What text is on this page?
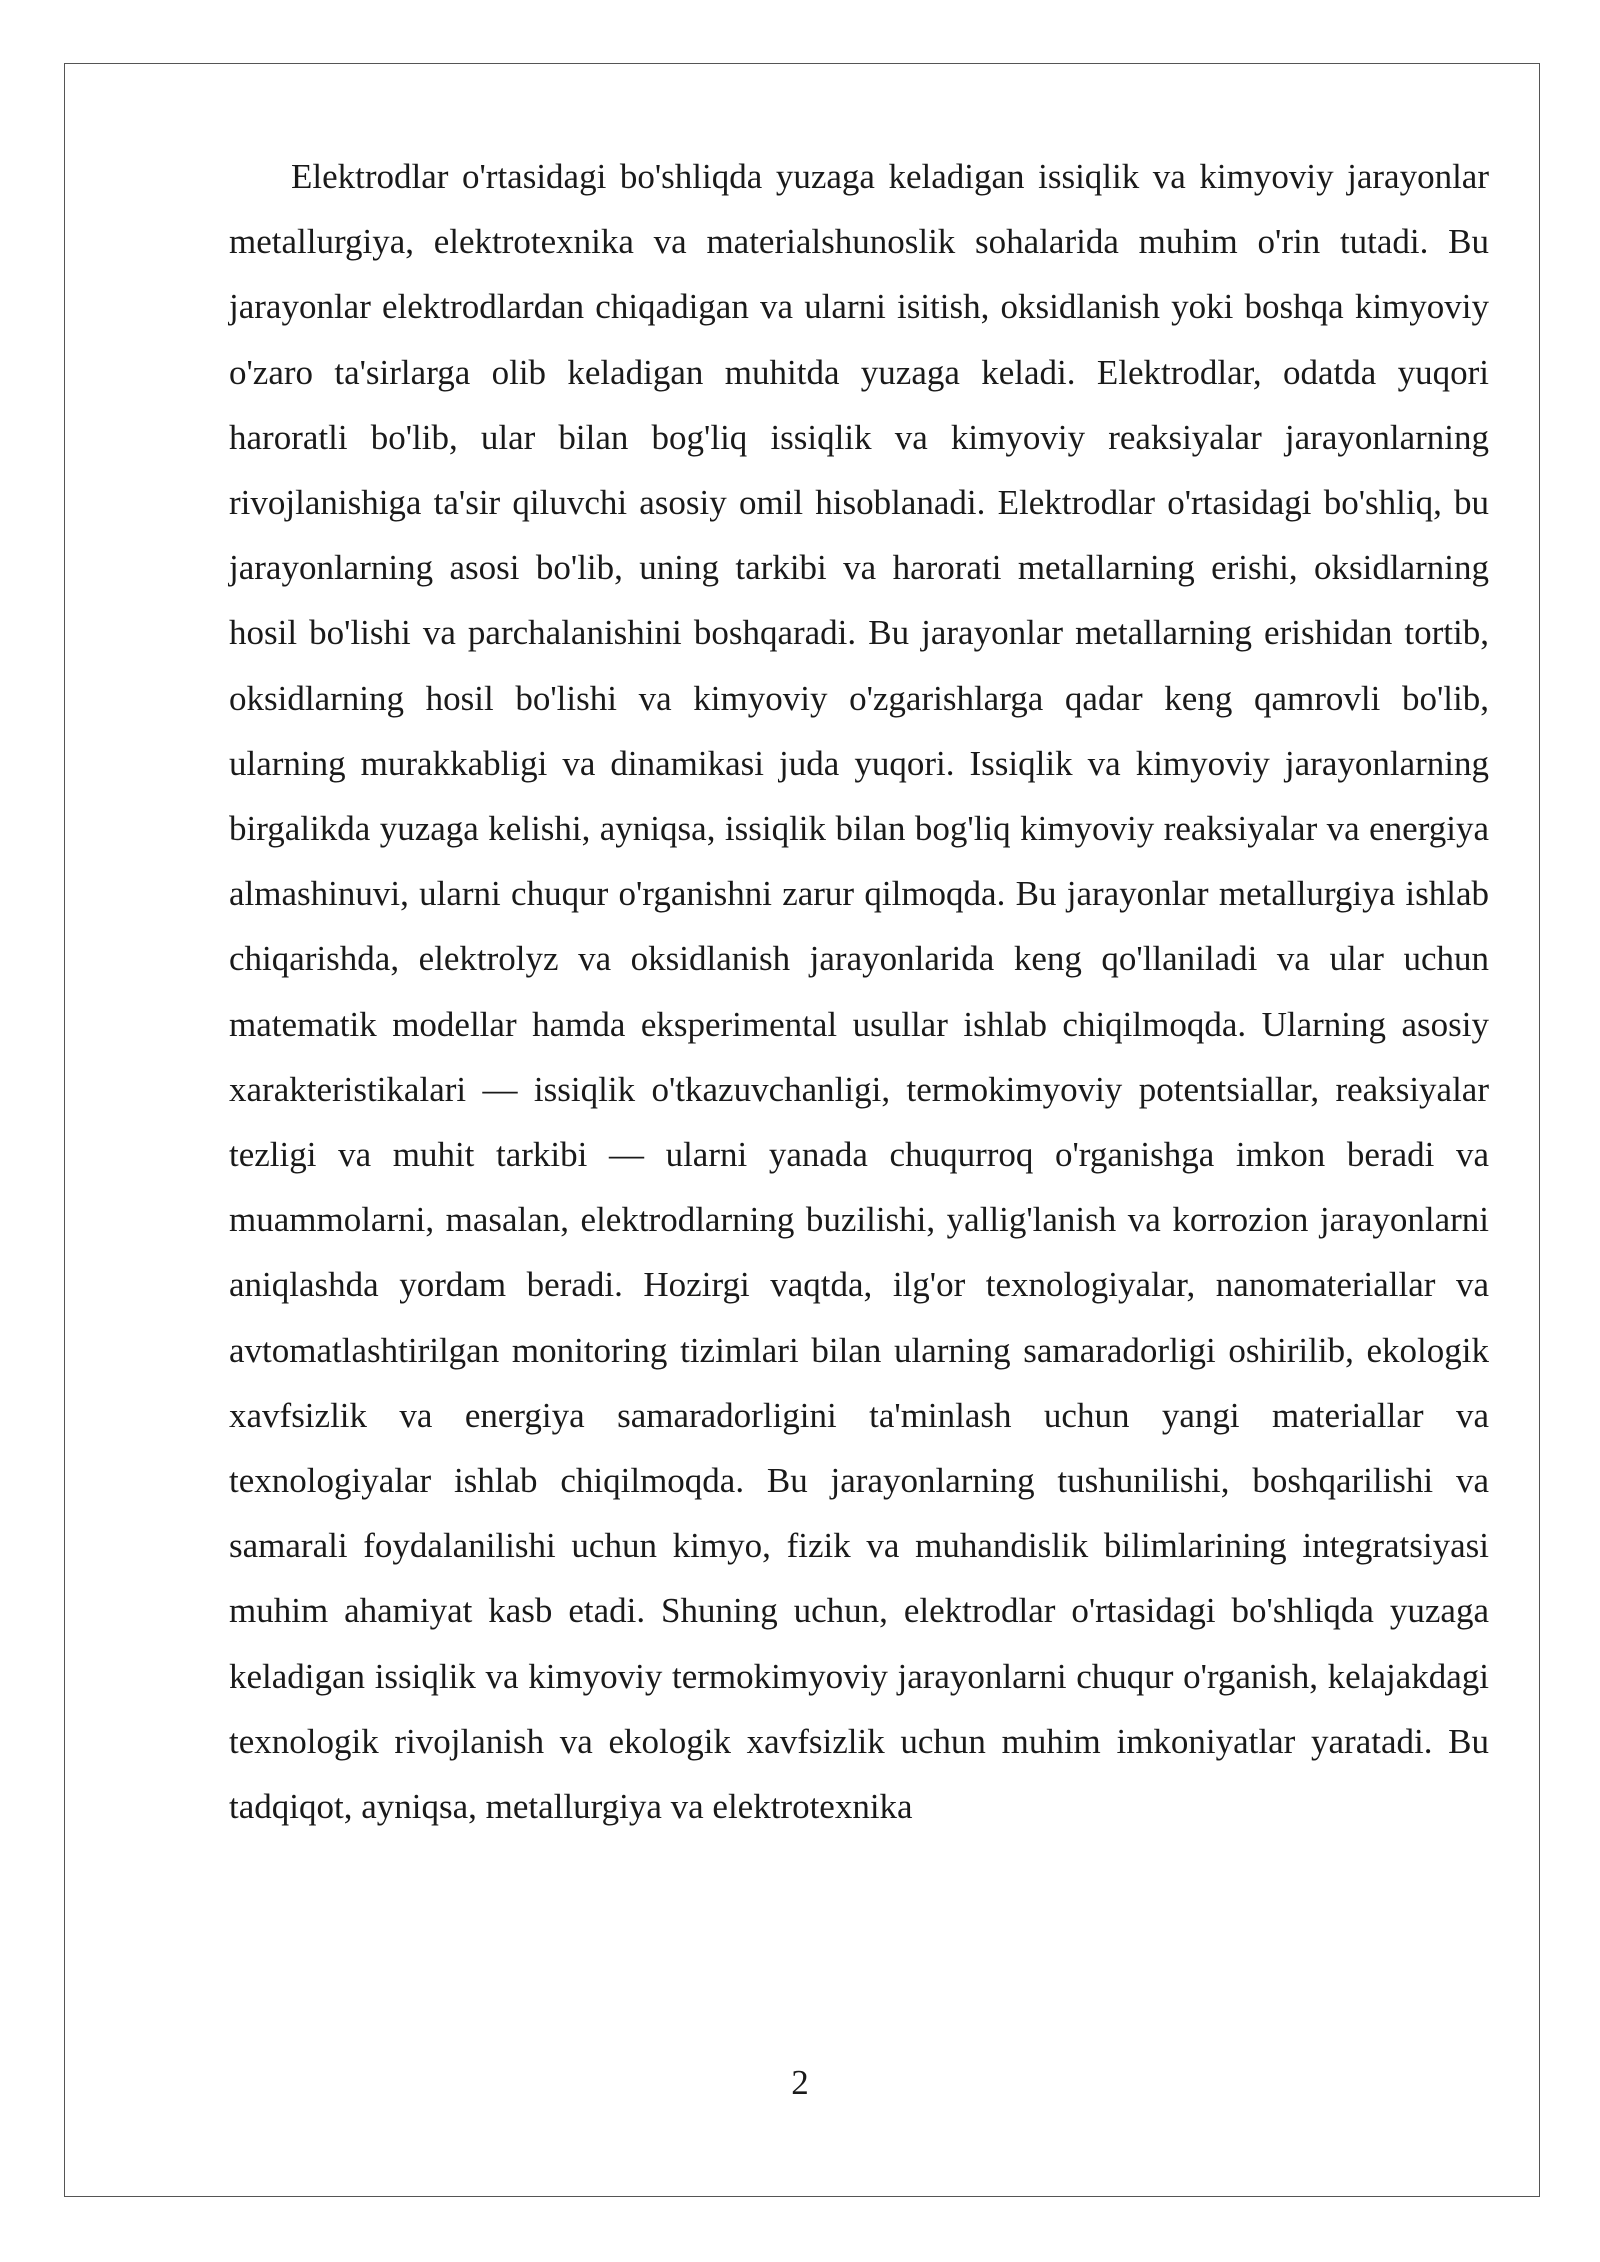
Elektrodlar o'rtasidagi bo'shliqda yuzaga keladigan issiqlik va kimyoviy jarayonlar metallurgiya, elektrotexnika va materialshunoslik sohalarida muhim o'rin tutadi. Bu jarayonlar elektrodlardan chiqadigan va ularni isitish, oksidlanish yoki boshqa kimyoviy o'zaro ta'sirlarga olib keladigan muhitda yuzaga keladi. Elektrodlar, odatda yuqori haroratli bo'lib, ular bilan bog'liq issiqlik va kimyoviy reaksiyalar jarayonlarning rivojlanishiga ta'sir qiluvchi asosiy omil hisoblanadi. Elektrodlar o'rtasidagi bo'shliq, bu jarayonlarning asosi bo'lib, uning tarkibi va harorati metallarning erishi, oksidlarning hosil bo'lishi va parchalanishini boshqaradi. Bu jarayonlar metallarning erishidan tortib, oksidlarning hosil bo'lishi va kimyoviy o'zgarishlarga qadar keng qamrovli bo'lib, ularning murakkabligi va dinamikasi juda yuqori. Issiqlik va kimyoviy jarayonlarning birgalikda yuzaga kelishi, ayniqsa, issiqlik bilan bog'liq kimyoviy reaksiyalar va energiya almashinuvi, ularni chuqur o'rganishni zarur qilmoqda. Bu jarayonlar metallurgiya ishlab chiqarishda, elektrolyz va oksidlanish jarayonlarida keng qo'llaniladi va ular uchun matematik modellar hamda eksperimental usullar ishlab chiqilmoqda. Ularning asosiy xarakteristikalari — issiqlik o'tkazuvchanligi, termokimyoviy potentsiallar, reaksiyalar tezligi va muhit tarkibi — ularni yanada chuqurroq o'rganishga imkon beradi va muammolarni, masalan, elektrodlarning buzilishi, yallig'lanish va korrozion jarayonlarni aniqlashda yordam beradi. Hozirgi vaqtda, ilg'or texnologiyalar, nanomateriallar va avtomatlashtirilgan monitoring tizimlari bilan ularning samaradorligi oshirilib, ekologik xavfsizlik va energiya samaradorligini ta'minlash uchun yangi materiallar va texnologiyalar ishlab chiqilmoqda. Bu jarayonlarning tushunilishi, boshqarilishi va samarali foydalanilishi uchun kimyo, fizik va muhandislik bilimlarining integratsiyasi muhim ahamiyat kasb etadi. Shuning uchun, elektrodlar o'rtasidagi bo'shliqda yuzaga keladigan issiqlik va kimyoviy termokimyoviy jarayonlarni chuqur o'rganish, kelajakdagi texnologik rivojlanish va ekologik xavfsizlik uchun muhim imkoniyatlar yaratadi. Bu tadqiqot, ayniqsa, metallurgiya va elektrotexnika

2
